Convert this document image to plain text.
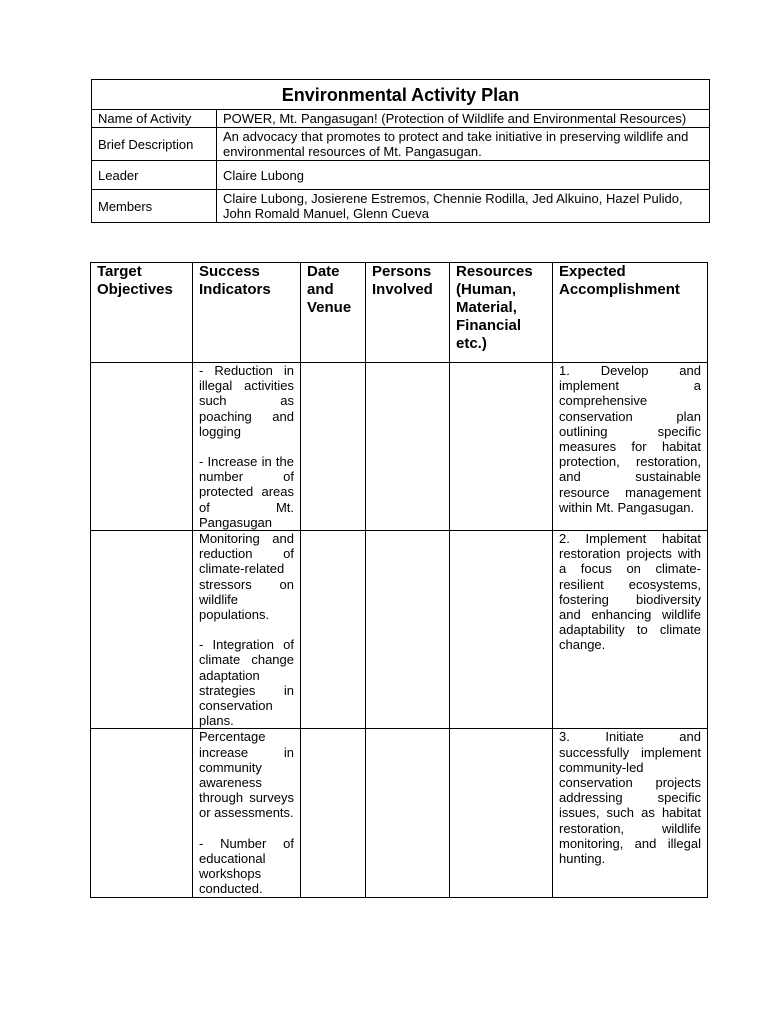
Environmental Activity Plan	
Name of Activity	POWER, Mt. Pangasugan! (Protection of Wildlife and Environmental Resources)
Brief Description	An advocacy that promotes to protect and take initiative in preserving wildlife and environmental resources of Mt. Pangasugan.
Leader	Claire Lubong
Members	Claire Lubong, Josierene Estremos, Chennie Rodilla, Jed Alkuino, Hazel Pulido, John Romald Manuel, Glenn Cueva
Target Objectives	Success Indicators	Date and Venue	Persons Involved	Resources (Human, Material, Financial etc.)	Expected Accomplishment

	- Reduction in illegal activities such as poaching and logging
- Increase in the number of protected areas of Mt. Pangasugan				1. Develop and implement a comprehensive conservation plan outlining specific measures for habitat protection, restoration, and sustainable resource management within Mt. Pangasugan.

	Monitoring and reduction of climate-related stressors on wildlife populations.
- Integration of climate change adaptation strategies in conservation plans.				2. Implement habitat restoration projects with a focus on climate-resilient ecosystems, fostering biodiversity and enhancing wildlife adaptability to climate change.

	Percentage increase in community awareness through surveys or assessments.
- Number of educational workshops conducted.				3. Initiate and successfully implement community-led conservation projects addressing specific issues, such as habitat restoration, wildlife monitoring, and illegal hunting.
